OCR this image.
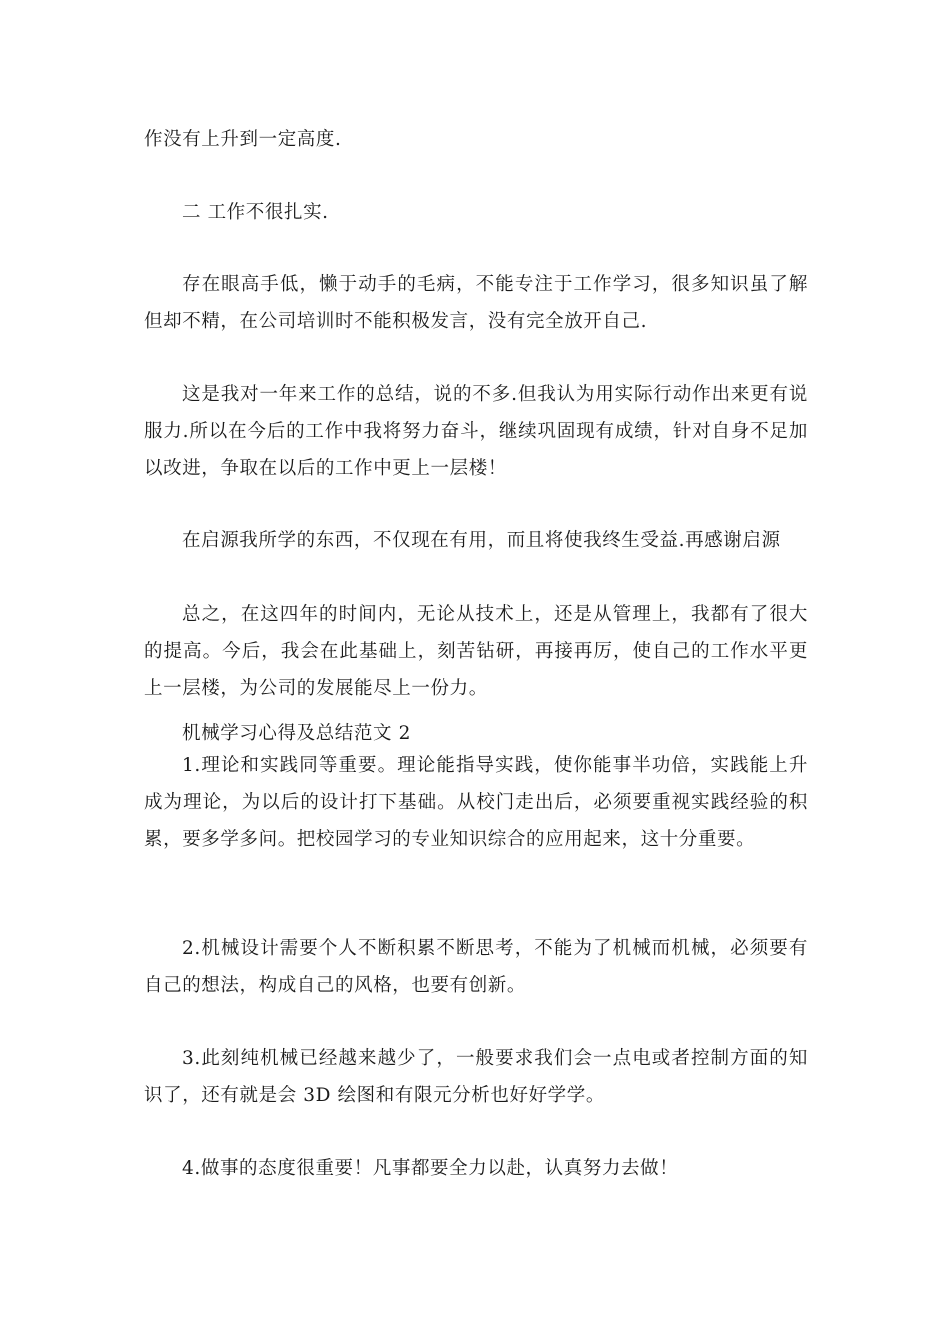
作没有上升到一定高度.

二 工作不很扎实.

存在眼高手低，懒于动手的毛病，不能专注于工作学习，很多知识虽了解但却不精，在公司培训时不能积极发言，没有完全放开自己.

这是我对一年来工作的总结，说的不多.但我认为用实际行动作出来更有说服力.所以在今后的工作中我将努力奋斗，继续巩固现有成绩，针对自身不足加以改进，争取在以后的工作中更上一层楼！

在启源我所学的东西，不仅现在有用，而且将使我终生受益.再感谢启源

总之，在这四年的时间内，无论从技术上，还是从管理上，我都有了很大的提高。今后，我会在此基础上，刻苦钻研，再接再厉，使自己的工作水平更上一层楼，为公司的发展能尽上一份力。

机械学习心得及总结范文 2

1.理论和实践同等重要。理论能指导实践，使你能事半功倍，实践能上升成为理论，为以后的设计打下基础。从校门走出后，必须要重视实践经验的积累，要多学多问。把校园学习的专业知识综合的应用起来，这十分重要。

2.机械设计需要个人不断积累不断思考，不能为了机械而机械，必须要有自己的想法，构成自己的风格，也要有创新。

3.此刻纯机械已经越来越少了，一般要求我们会一点电或者控制方面的知识了，还有就是会 3D 绘图和有限元分析也好好学学。

4.做事的态度很重要！凡事都要全力以赴，认真努力去做！
